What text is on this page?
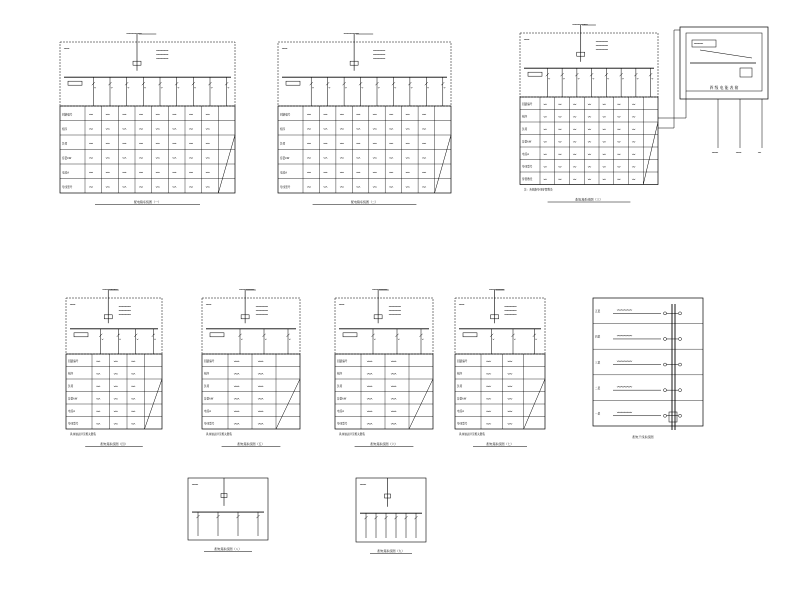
回路编号
相序
负荷
容量kW
电流A
导线型号
配电箱系统图（一）
回路编号
相序
负荷
容量kW
电流A
导线型号
配电箱系统图（二）
回路编号
相序
负荷
容量kW
电流A
导线型号
穿管敷设
注：各回路导线穿管敷设
配电箱系统图（三）
回路编号
相序
负荷
容量kW
电流A
导线型号
具体做法详见相关图集
配电箱系统图（四）
回路编号
相序
负荷
容量kW
电流A
导线型号
具体做法详见相关图集
配电箱系统图（五）
回路编号
相序
负荷
容量kW
电流A
导线型号
具体做法详见相关图集
配电箱系统图（六）
回路编号
相序
负荷
容量kW
电流A
导线型号
具体做法详见相关图集
配电箱系统图（七）
配电箱系统图（八）	配电箱系统图（九）
五层
四层
三层
二层
一层
配电干线系统图
四 级 电 能 表 箱
